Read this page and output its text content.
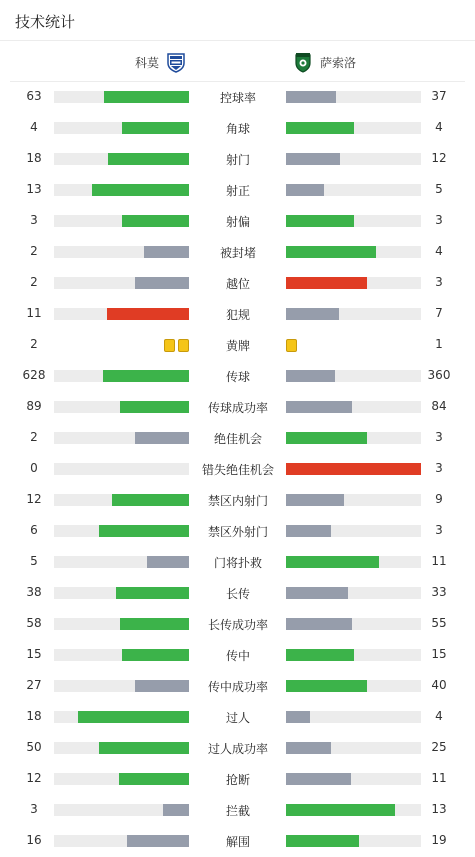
技术统计
科莫	萨索洛
63	控球率	37
4	角球	4
18	射门	12
13	射正	5
3	射偏	3
2	被封堵	4
2	越位	3
11	犯规	7
2	黄牌	1
628	传球	360
89	传球成功率	84
2	绝佳机会	3
0	错失绝佳机会	3
12	禁区内射门	9
6	禁区外射门	3
5	门将扑救	11
38	长传	33
58	长传成功率	55
15	传中	15
27	传中成功率	40
18	过人	4
50	过人成功率	25
12	抢断	11
3	拦截	13
16	解围	19
